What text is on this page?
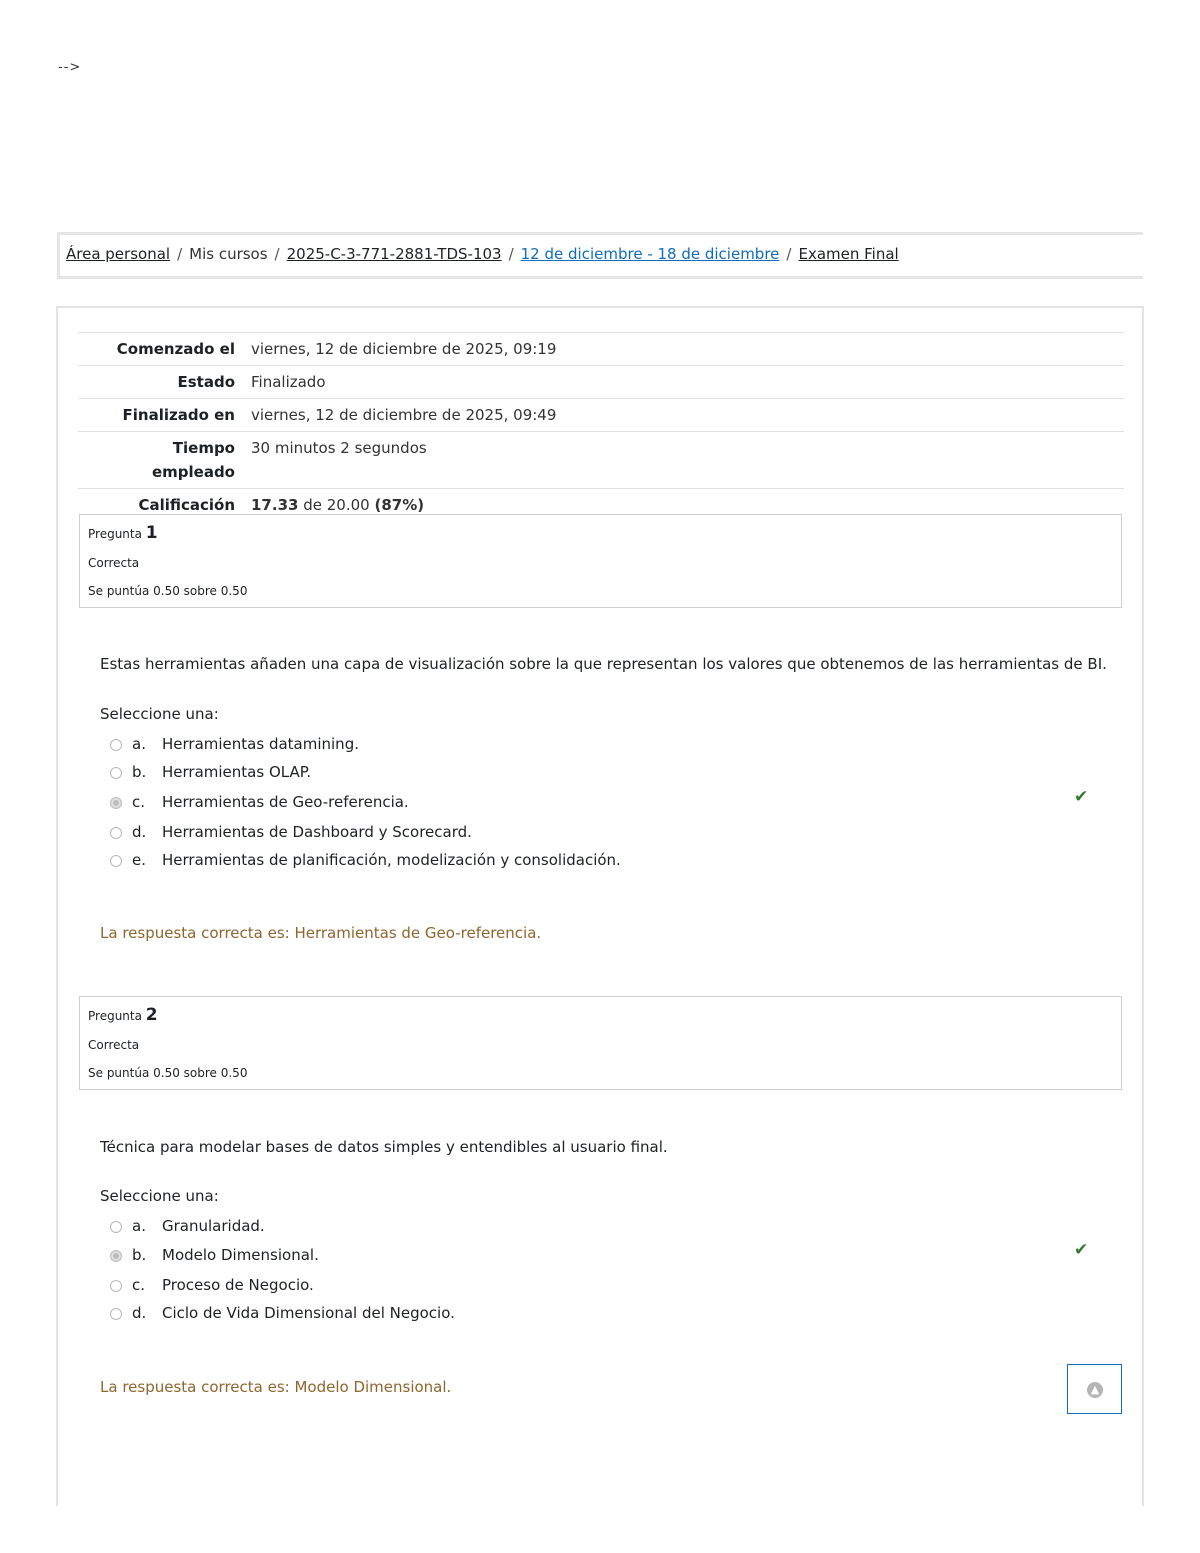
-->
Área personal / Mis cursos / 2025-C-3-771-2881-TDS-103 / 12 de diciembre - 18 de diciembre / Examen Final
Comenzado el	viernes, 12 de diciembre de 2025, 09:19
Estado	Finalizado
Finalizado en	viernes, 12 de diciembre de 2025, 09:49
Tiempo
empleado	30 minutos 2 segundos
Calificación	17.33 de 20.00 (87%)
Pregunta 1
Correcta
Se puntúa 0.50 sobre 0.50
Estas herramientas añaden una capa de visualización sobre la que representan los valores que obtenemos de las herramientas de BI.
Seleccione una:
a. Herramientas datamining.
b. Herramientas OLAP.
c. Herramientas de Geo-referencia.
d. Herramientas de Dashboard y Scorecard.
e. Herramientas de planificación, modelización y consolidación.
✔
La respuesta correcta es: Herramientas de Geo-referencia.
Pregunta 2
Correcta
Se puntúa 0.50 sobre 0.50
Técnica para modelar bases de datos simples y entendibles al usuario final.
Seleccione una:
a. Granularidad.
b. Modelo Dimensional.
c. Proceso de Negocio.
d. Ciclo de Vida Dimensional del Negocio.
✔
La respuesta correcta es: Modelo Dimensional.	▲
